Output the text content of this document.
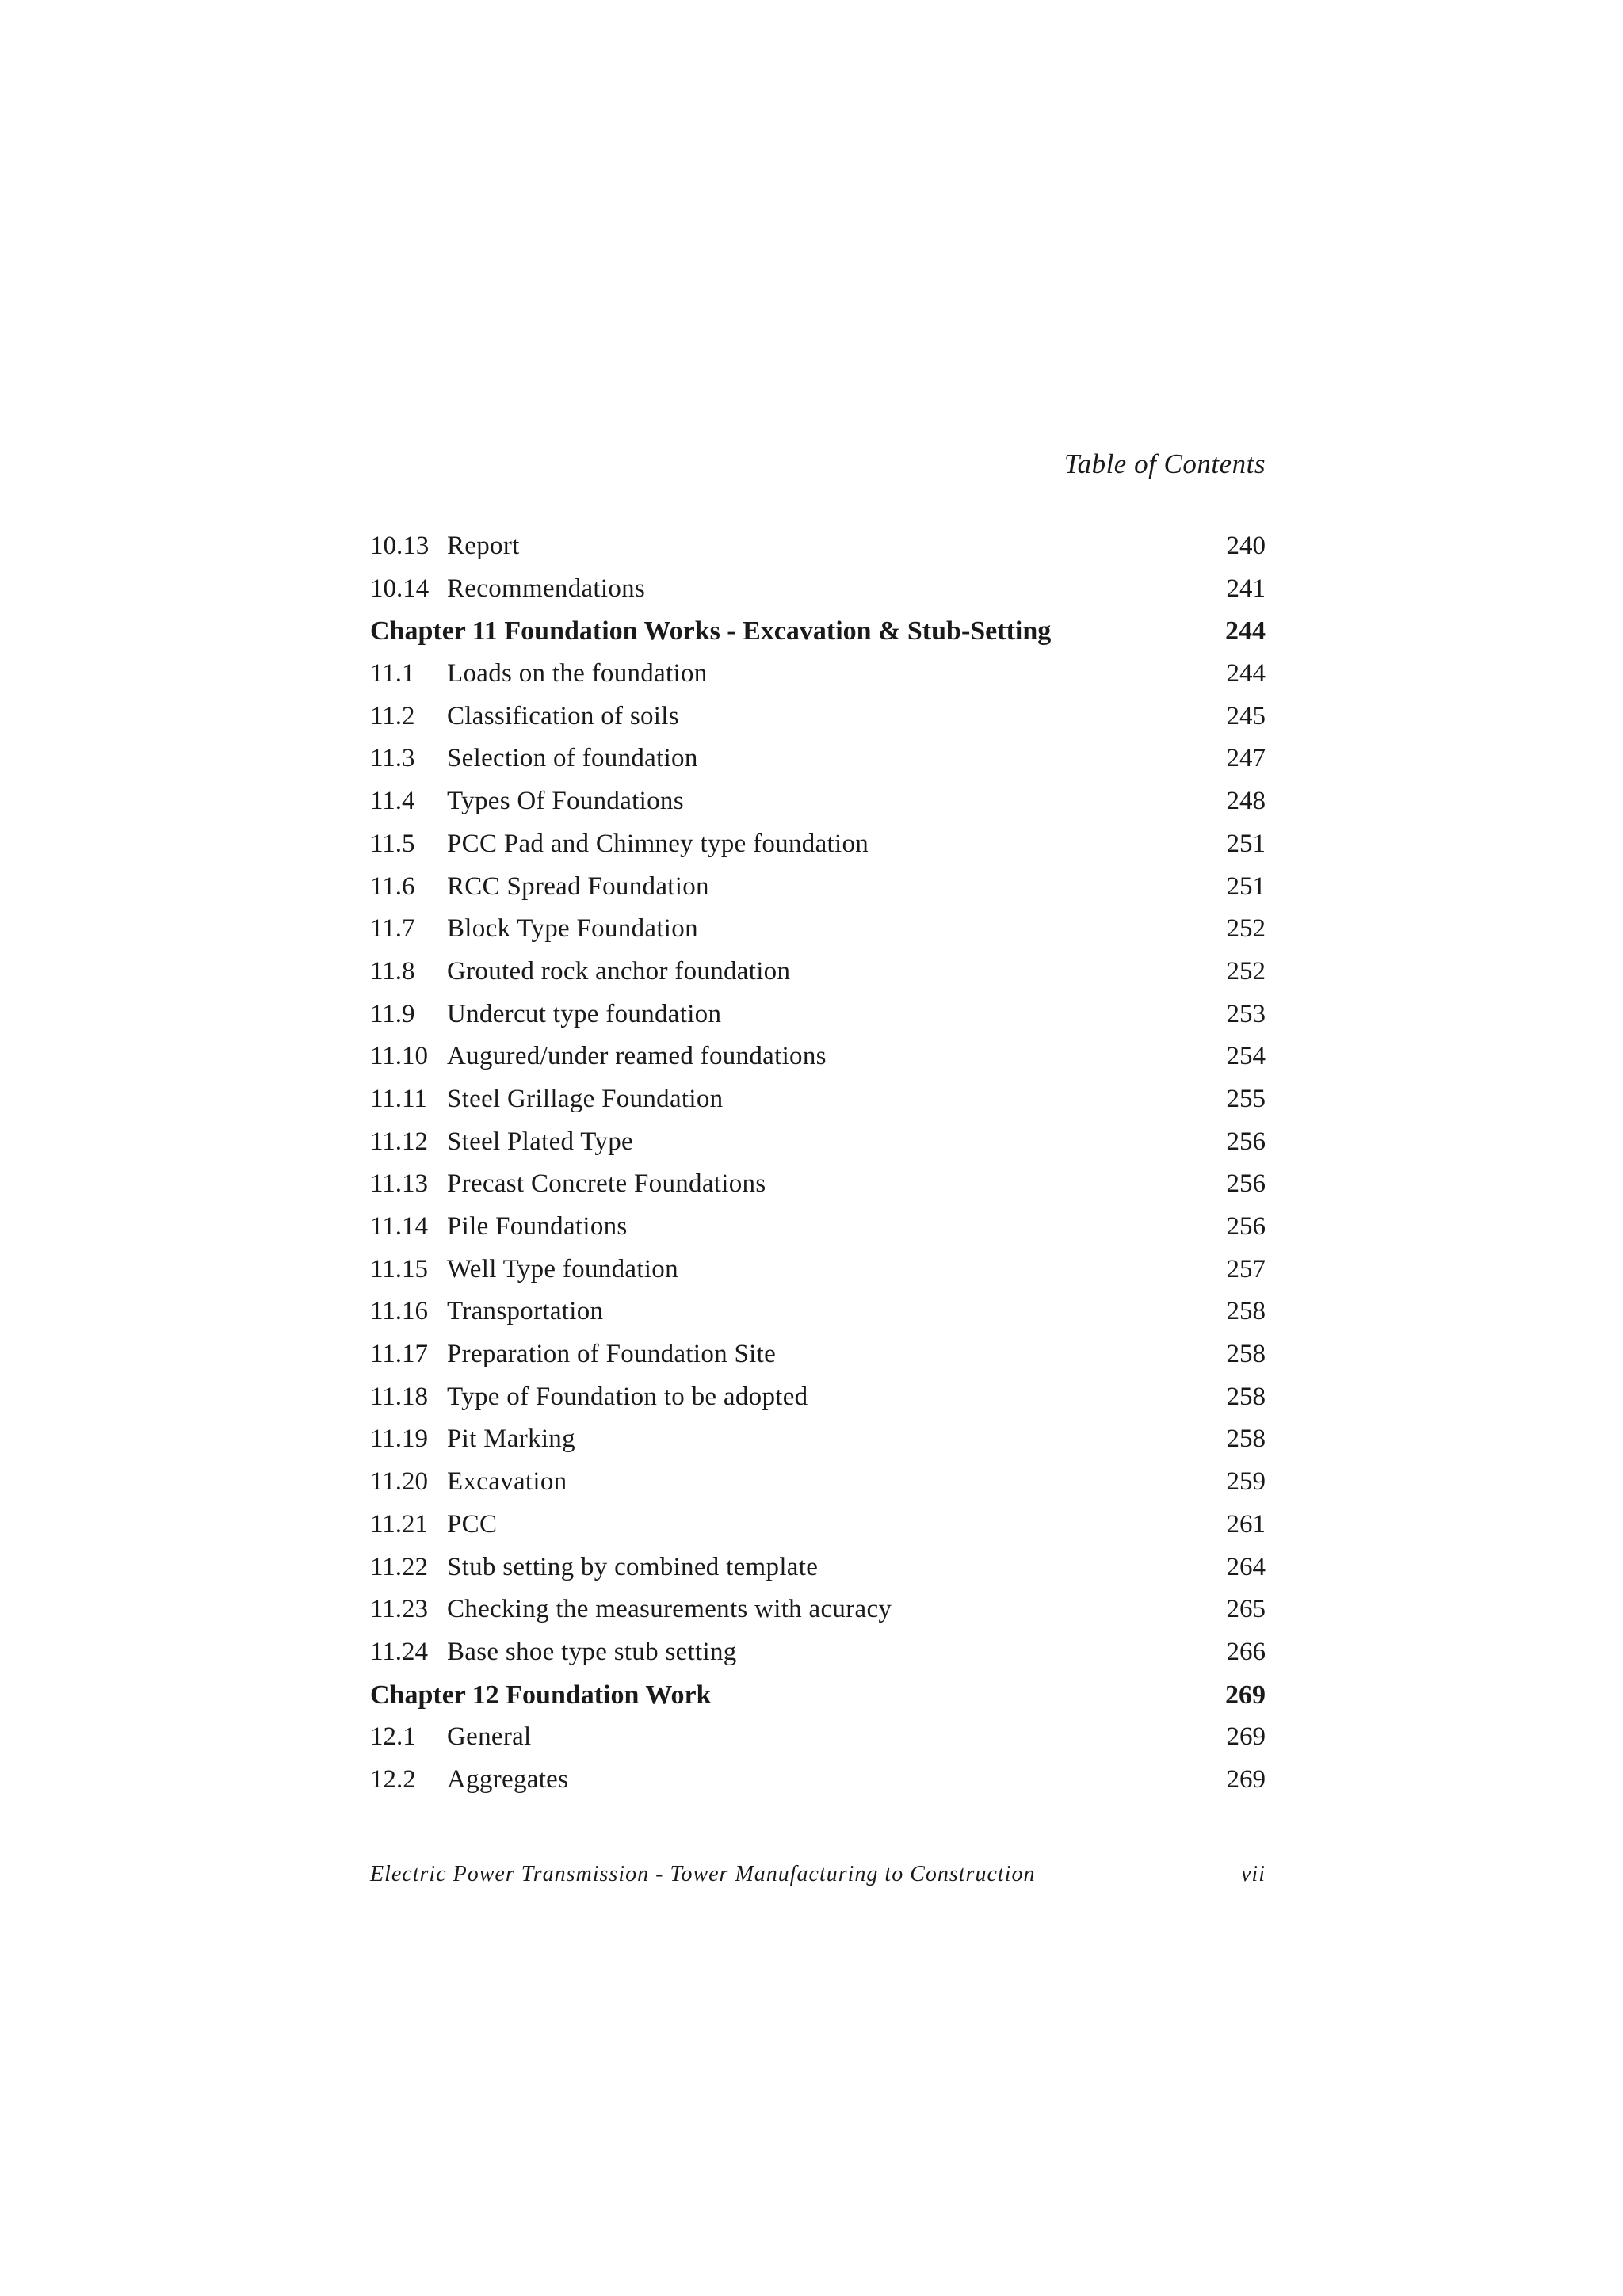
Table of Contents
10.13 Report	240
10.14 Recommendations	241
Chapter 11 Foundation Works - Excavation & Stub-Setting	244
11.1 Loads on the foundation	244
11.2 Classification of soils	245
11.3 Selection of foundation	247
11.4 Types Of Foundations	248
11.5 PCC Pad and Chimney type foundation	251
11.6 RCC Spread Foundation	251
11.7 Block Type Foundation	252
11.8 Grouted rock anchor foundation	252
11.9 Undercut type foundation	253
11.10 Augured/under reamed foundations	254
11.11 Steel Grillage Foundation	255
11.12 Steel Plated Type	256
11.13 Precast Concrete Foundations	256
11.14 Pile Foundations	256
11.15 Well Type foundation	257
11.16 Transportation	258
11.17 Preparation of Foundation Site	258
11.18 Type of Foundation to be adopted	258
11.19 Pit Marking	258
11.20 Excavation	259
11.21 PCC	261
11.22 Stub setting by combined template	264
11.23 Checking the measurements with acuracy	265
11.24 Base shoe type stub setting	266
Chapter 12 Foundation Work	269
12.1 General	269
12.2 Aggregates	269
Electric Power Transmission - Tower Manufacturing to Construction	vii
